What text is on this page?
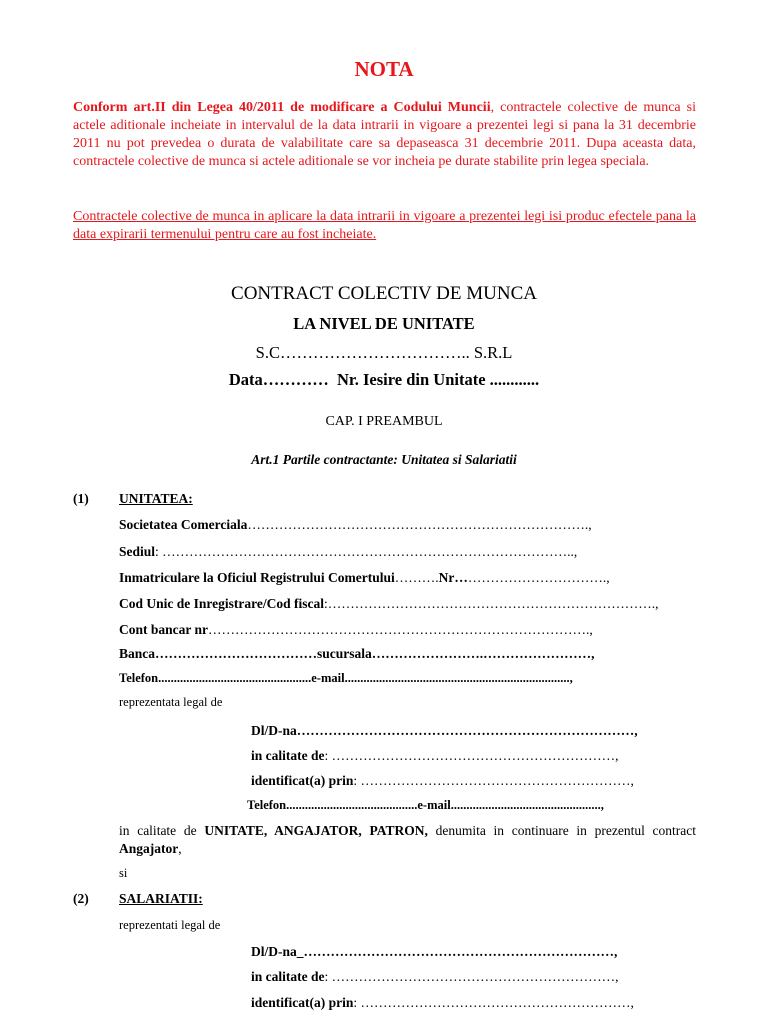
NOTA
Conform art.II din Legea 40/2011 de modificare a Codului Muncii, contractele colective de munca si actele aditionale incheiate in intervalul de la data intrarii in vigoare a prezentei legi si pana la 31 decembrie 2011 nu pot prevedea o durata de valabilitate care sa depaseasca 31 decembrie 2011. Dupa aceasta data, contractele colective de munca si actele aditionale se vor incheia pe durate stabilite prin legea speciala.
Contractele colective de munca in aplicare la data intrarii in vigoare a prezentei legi isi produc efectele pana la data expirarii termenului pentru care au fost incheiate.
CONTRACT COLECTIV DE MUNCA
LA NIVEL DE UNITATE
S.C…………………………….. S.R.L
Data………… Nr. Iesire din Unitate ............
CAP. I PREAMBUL
Art.1 Partile contractante: Unitatea si Salariatii
(1) UNITATEA:
Societatea Comerciala………………………………………………………………….,
Sediul: ………………………………………………………………………………..,
Inmatriculare la Oficiul Registrului Comertului……….Nr…………………………….,
Cod Unic de Inregistrare/Cod fiscal:……………………………………………………………….,
Cont bancar nr………………………………………………………………………….,
Banca………………………………sucursala…………………….……………………,
Telefon.................................................e-mail........................................................................,
reprezentata legal de
Dl/D-na…………………………………………………………………,
in calitate de: ………………………………………………………,
identificat(a) prin: ……………………………………………………,
Telefon..........................................e-mail................................................,
in calitate de UNITATE, ANGAJATOR, PATRON, denumita in continuare in prezentul contract Angajator,
si
(2) SALARIATII:
reprezentati legal de
Dl/D-na_……………………………………………………………,
in calitate de: ………………………………………………………,
identificat(a) prin: ……………………………………………………,
